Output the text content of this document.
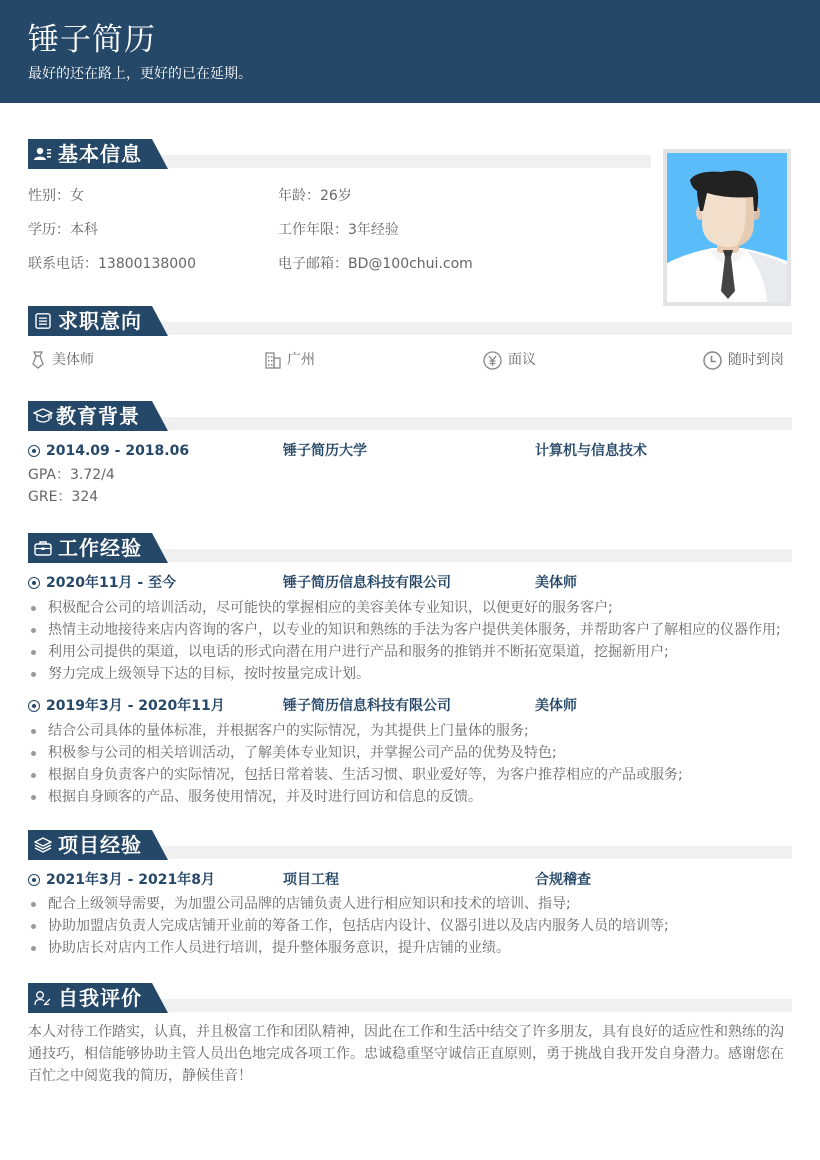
锤子简历
最好的还在路上，更好的已在延期。
基本信息
性别：女	年龄：26岁
学历：本科	工作年限：3年经验
联系电话：13800138000	电子邮箱：BD@100chui.com
求职意向
美体师	广州	面议	随时到岗
教育背景
2014.09 - 2018.06	锤子简历大学	计算机与信息技术
GPA：3.72/4
GRE：324
工作经验
2020年11月 - 至今	锤子简历信息科技有限公司	美体师
积极配合公司的培训活动，尽可能快的掌握相应的美容美体专业知识，以便更好的服务客户;
热情主动地接待来店内咨询的客户，以专业的知识和熟练的手法为客户提供美体服务，并帮助客户了解相应的仪器作用;
利用公司提供的渠道，以电话的形式向潜在用户进行产品和服务的推销并不断拓宽渠道，挖掘新用户;
努力完成上级领导下达的目标，按时按量完成计划。
2019年3月 - 2020年11月	锤子简历信息科技有限公司	美体师
结合公司具体的量体标准，并根据客户的实际情况，为其提供上门量体的服务;
积极参与公司的相关培训活动，了解美体专业知识，并掌握公司产品的优势及特色;
根据自身负责客户的实际情况，包括日常着装、生活习惯、职业爱好等，为客户推荐相应的产品或服务;
根据自身顾客的产品、服务使用情况，并及时进行回访和信息的反馈。
项目经验
2021年3月 - 2021年8月	项目工程	合规稽查
配合上级领导需要，为加盟公司品牌的店铺负责人进行相应知识和技术的培训、指导;
协助加盟店负责人完成店铺开业前的筹备工作，包括店内设计、仪器引进以及店内服务人员的培训等;
协助店长对店内工作人员进行培训，提升整体服务意识，提升店铺的业绩。
自我评价
本人对待工作踏实，认真，并且极富工作和团队精神，因此在工作和生活中结交了许多朋友，具有良好的适应性和熟练的沟通技巧，相信能够协助主管人员出色地完成各项工作。忠诚稳重坚守诚信正直原则，勇于挑战自我开发自身潜力。感谢您在百忙之中阅览我的简历，静候佳音！
